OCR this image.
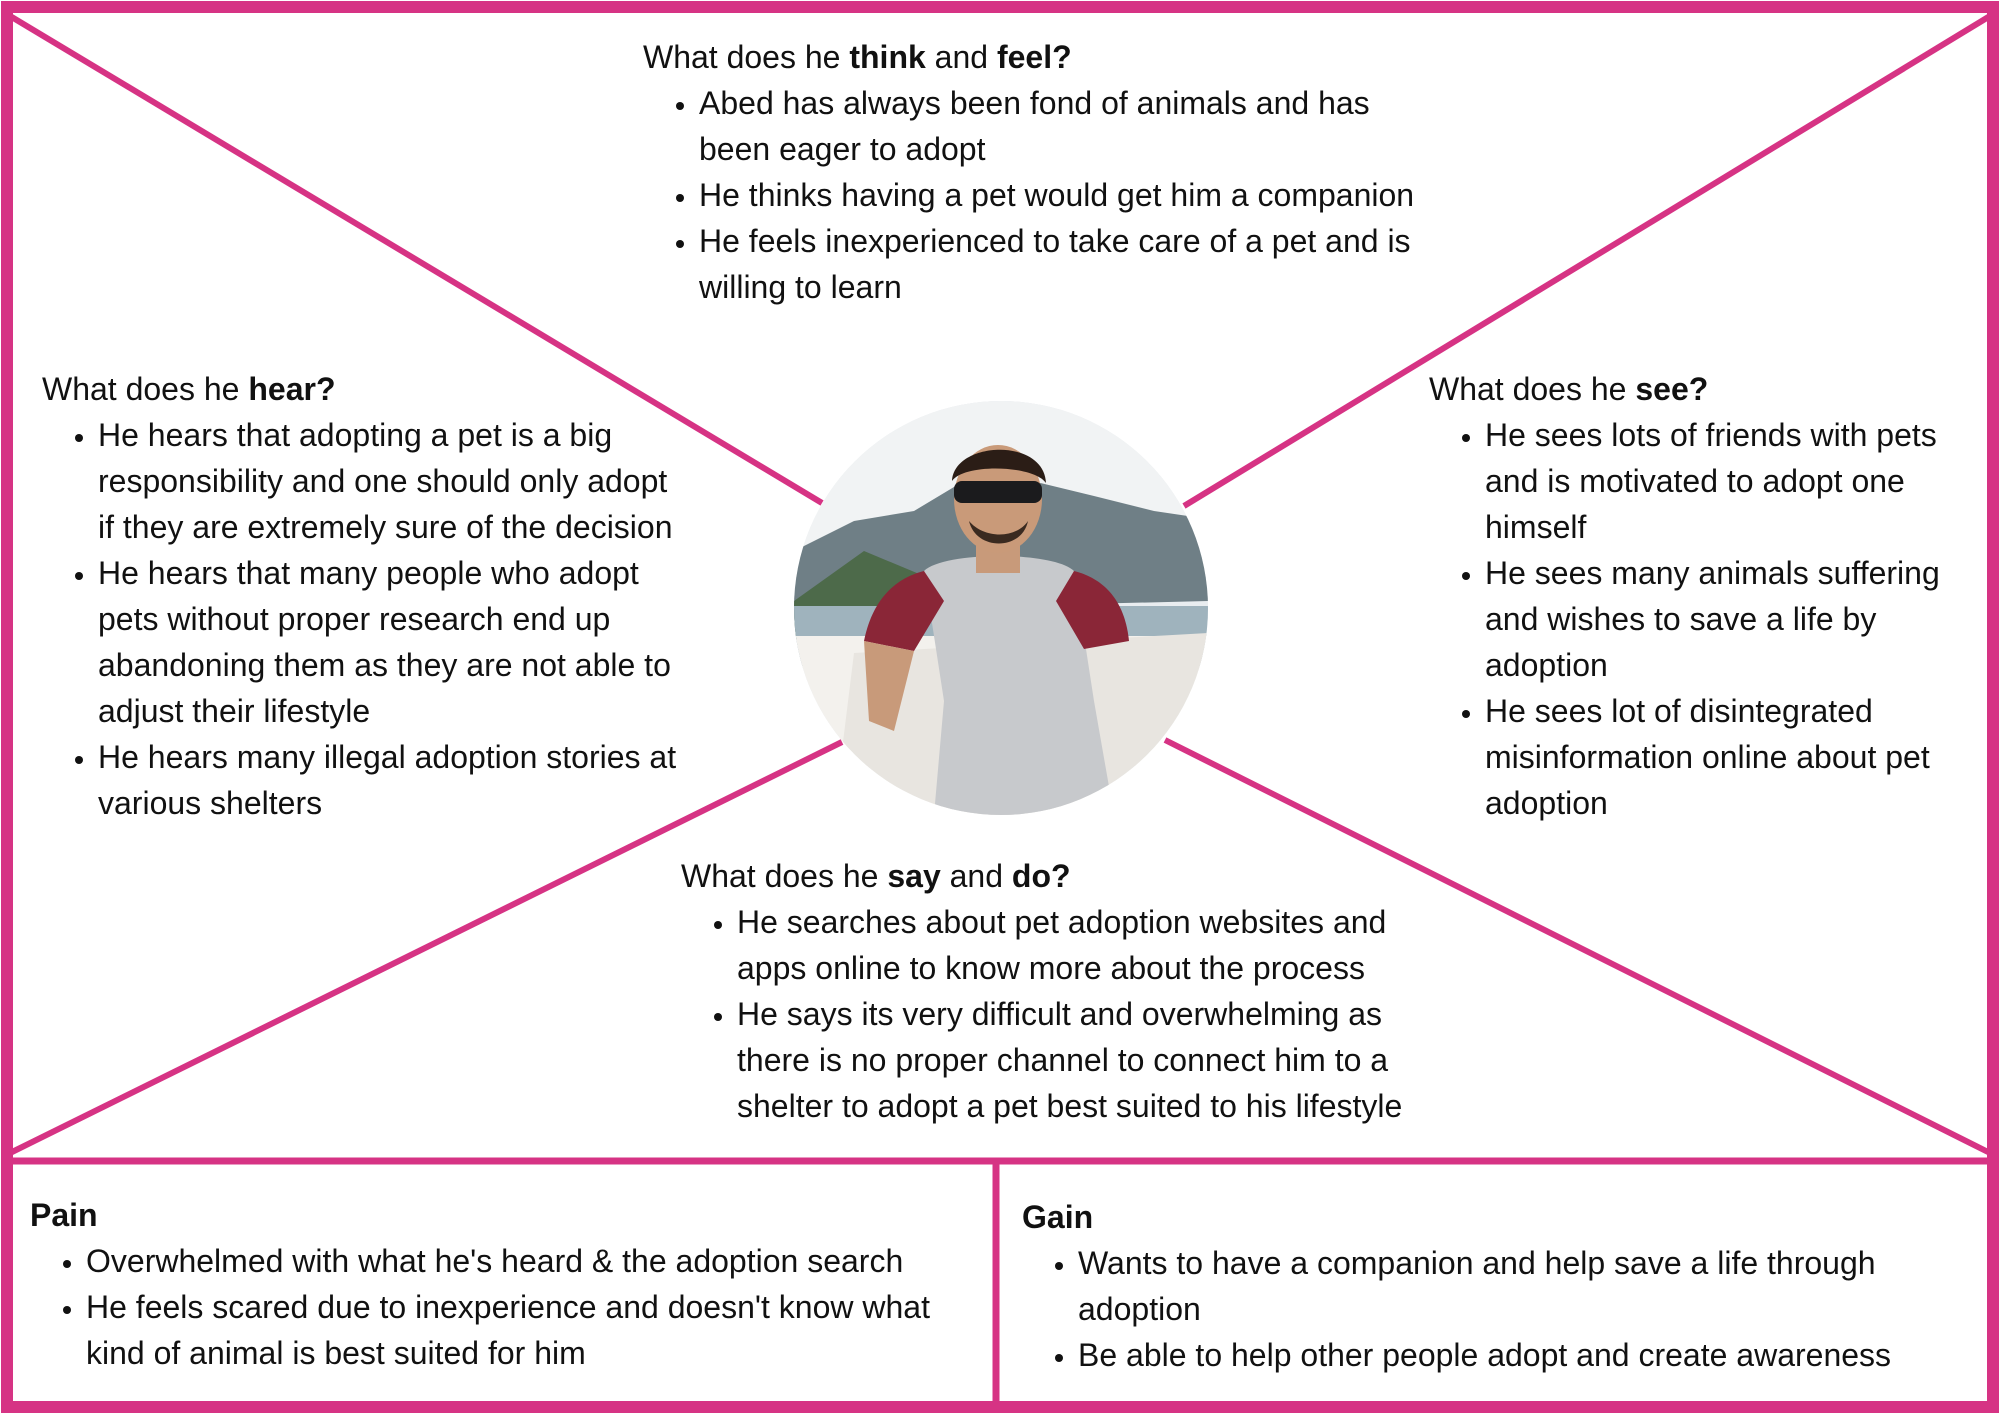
What does he think and feel?

• Abed has always been fond of animals and has been eager to adopt
• He thinks having a pet would get him a companion
• He feels inexperienced to take care of a pet and is willing to learn

What does he hear?

• He hears that adopting a pet is a big responsibility and one should only adopt if they are extremely sure of the decision
• He hears that many people who adopt pets without proper research end up abandoning them as they are not able to adjust their lifestyle
• He hears many illegal adoption stories at various shelters

What does he see?

• He sees lots of friends with pets and is motivated to adopt one himself
• He sees many animals suffering and wishes to save a life by adoption
• He sees lot of disintegrated misinformation online about pet adoption

What does he say and do?

• He searches about pet adoption websites and apps online to know more about the process
• He says its very difficult and overwhelming as there is no proper channel to connect him to a shelter to adopt a pet best suited to his lifestyle

Pain

• Overwhelmed with what he's heard & the adoption search
• He feels scared due to inexperience and doesn't know what kind of animal is best suited for him

Gain

• Wants to have a companion and help save a life through adoption
• Be able to help other people adopt and create awareness
